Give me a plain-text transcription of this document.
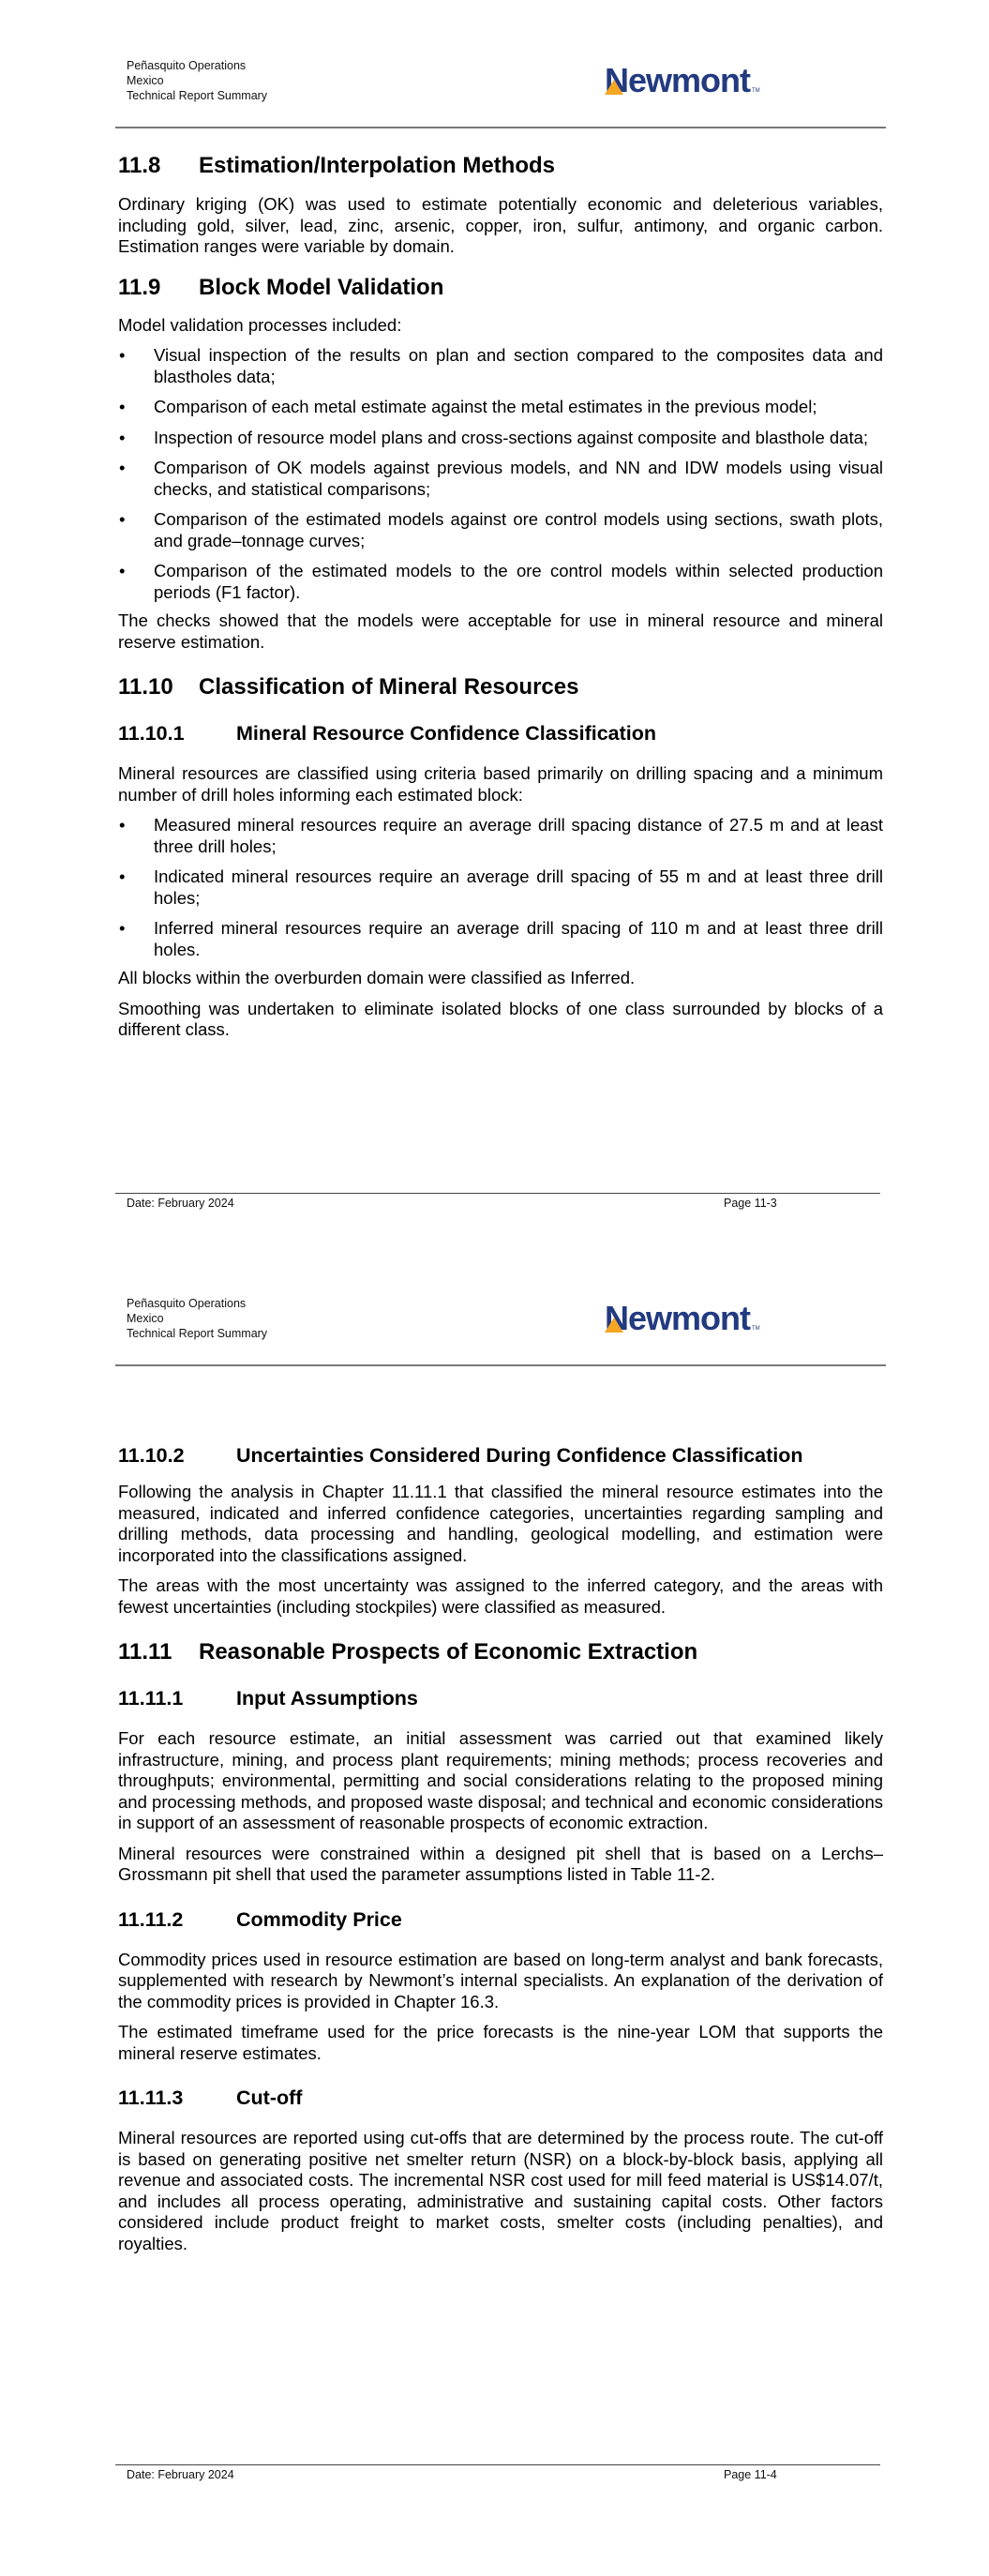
Peñasquito Operations
Mexico
Technical Report Summary	Newmont TM
11.8	Estimation/Interpolation Methods

Ordinary kriging (OK) was used to estimate potentially economic and deleterious variables, including gold, silver, lead, zinc, arsenic, copper, iron, sulfur, antimony, and organic carbon. Estimation ranges were variable by domain.

11.9	Block Model Validation

Model validation processes included:

• Visual inspection of the results on plan and section compared to the composites data and blastholes data;
• Comparison of each metal estimate against the metal estimates in the previous model;
• Inspection of resource model plans and cross-sections against composite and blasthole data;
• Comparison of OK models against previous models, and NN and IDW models using visual checks, and statistical comparisons;
• Comparison of the estimated models against ore control models using sections, swath plots, and grade–tonnage curves;
• Comparison of the estimated models to the ore control models within selected production periods (F1 factor).

The checks showed that the models were acceptable for use in mineral resource and mineral reserve estimation.

11.10	Classification of Mineral Resources
11.10.1	Mineral Resource Confidence Classification

Mineral resources are classified using criteria based primarily on drilling spacing and a minimum number of drill holes informing each estimated block:

• Measured mineral resources require an average drill spacing distance of 27.5 m and at least three drill holes;
• Indicated mineral resources require an average drill spacing of 55 m and at least three drill holes;
• Inferred mineral resources require an average drill spacing of 110 m and at least three drill holes.

All blocks within the overburden domain were classified as Inferred.

Smoothing was undertaken to eliminate isolated blocks of one class surrounded by blocks of a different class.

Date: February 2024	Page 11-3
Peñasquito Operations
Mexico
Technical Report Summary	Newmont TM
11.10.2	Uncertainties Considered During Confidence Classification

Following the analysis in Chapter 11.11.1 that classified the mineral resource estimates into the measured, indicated and inferred confidence categories, uncertainties regarding sampling and drilling methods, data processing and handling, geological modelling, and estimation were incorporated into the classifications assigned.

The areas with the most uncertainty was assigned to the inferred category, and the areas with fewest uncertainties (including stockpiles) were classified as measured.

11.11	Reasonable Prospects of Economic Extraction
11.11.1	Input Assumptions

For each resource estimate, an initial assessment was carried out that examined likely infrastructure, mining, and process plant requirements; mining methods; process recoveries and throughputs; environmental, permitting and social considerations relating to the proposed mining and processing methods, and proposed waste disposal; and technical and economic considerations in support of an assessment of reasonable prospects of economic extraction.

Mineral resources were constrained within a designed pit shell that is based on a Lerchs–Grossmann pit shell that used the parameter assumptions listed in Table 11-2.

11.11.2	Commodity Price

Commodity prices used in resource estimation are based on long-term analyst and bank forecasts, supplemented with research by Newmont’s internal specialists. An explanation of the derivation of the commodity prices is provided in Chapter 16.3.

The estimated timeframe used for the price forecasts is the nine-year LOM that supports the mineral reserve estimates.

11.11.3	Cut-off

Mineral resources are reported using cut-offs that are determined by the process route. The cut-off is based on generating positive net smelter return (NSR) on a block-by-block basis, applying all revenue and associated costs. The incremental NSR cost used for mill feed material is US$14.07/t, and includes all process operating, administrative and sustaining capital costs. Other factors considered include product freight to market costs, smelter costs (including penalties), and royalties.

Date: February 2024	Page 11-4
